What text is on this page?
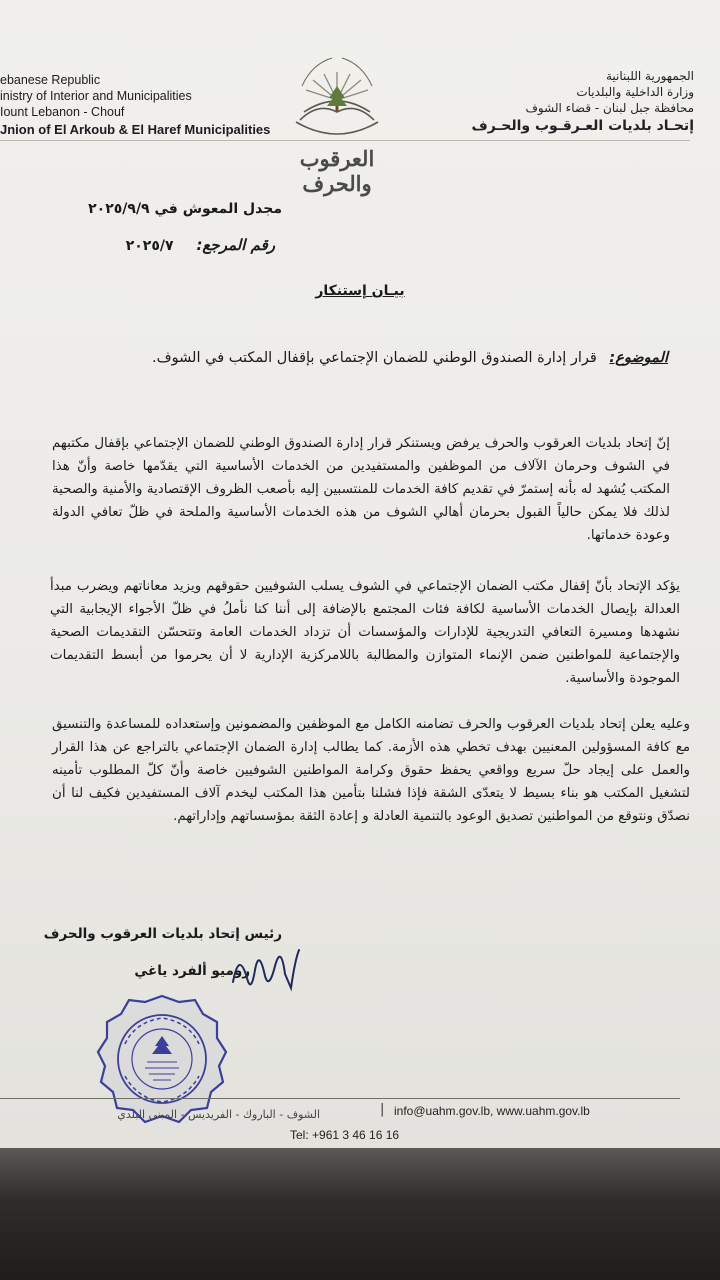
ebanese Republic
inistry of Interior and Municipalities
Iount Lebanon - Chouf
Jnion of El Arkoub & El Haref Municipalities
العرقوب والحرف
الجمهورية اللبنانية
وزارة الداخلية والبلديات
محافظة جبل لبنان - قضاء الشوف
إتحـاد بلديات العـرقـوب والحـرف
مجدل المعوش في ٢٠٢٥/٩/٩
رقم المرجع: ٢٠٢٥/٧
بيـان إستنكار
الموضوع: قرار إدارة الصندوق الوطني للضمان الإجتماعي بإقفال المكتب في الشوف.
إنّ إتحاد بلديات العرقوب والحرف يرفض ويستنكر قرار إدارة الصندوق الوطني للضمان الإجتماعي بإقفال مكتبهم في الشوف وحرمان الآلاف من الموظفين والمستفيدين من الخدمات الأساسية التي يقدّمها خاصة وأنّ هذا المكتب يُشهد له بأنه إستمرّ في تقديم كافة الخدمات للمنتسبين إليه بأصعب الظروف الإقتصادية والأمنية والصحية لذلك فلا يمكن حالياً القبول بحرمان أهالي الشوف من هذه الخدمات الأساسية والملحة في ظلّ تعافي الدولة وعودة خدماتها.
يؤكد الإتحاد بأنّ إقفال مكتب الضمان الإجتماعي في الشوف يسلب الشوفيين حقوقهم ويزيد معاناتهم ويضرب مبدأ العدالة بإيصال الخدمات الأساسية لكافة فئات المجتمع بالإضافة إلى أننا كنا نأملُ في ظلّ الأجواء الإيجابية التي نشهدها ومسيرة التعافي التدريجية للإدارات والمؤسسات أن تزداد الخدمات العامة وتتحسّن التقديمات الصحية والإجتماعية للمواطنين ضمن الإنماء المتوازن والمطالبة باللامركزية الإدارية لا أن يحرموا من أبسط التقديمات الموجودة والأساسية.
وعليه يعلن إتحاد بلديات العرقوب والحرف تضامنه الكامل مع الموظفين والمضمونين وإستعداده للمساعدة والتنسيق مع كافة المسؤولين المعنيين بهدف تخطي هذه الأزمة. كما يطالب إدارة الضمان الإجتماعي بالتراجع عن هذا القرار والعمل على إيجاد حلّ سريع وواقعي يحفظ حقوق وكرامة المواطنين الشوفيين خاصة وأنّ كلّ المطلوب تأمينه لتشغيل المكتب هو بناء بسيط لا يتعدّى الشقة فإذا فشلنا بتأمين هذا المكتب ليخدم آلاف المستفيدين فكيف لنا أن نصدّق ونتوقع من المواطنين تصديق الوعود بالتنمية العادلة و إعادة الثقة بمؤسساتهم وإداراتهم.
رئيس إتحاد بلديات العرقوب والحرف
روميو ألفرد ياغي
الشوف - الباروك - الفريديس - المبنى البلدي	| info@uahm.gov.lb, www.uahm.gov.lb
Tel: +961 3 46 16 16
